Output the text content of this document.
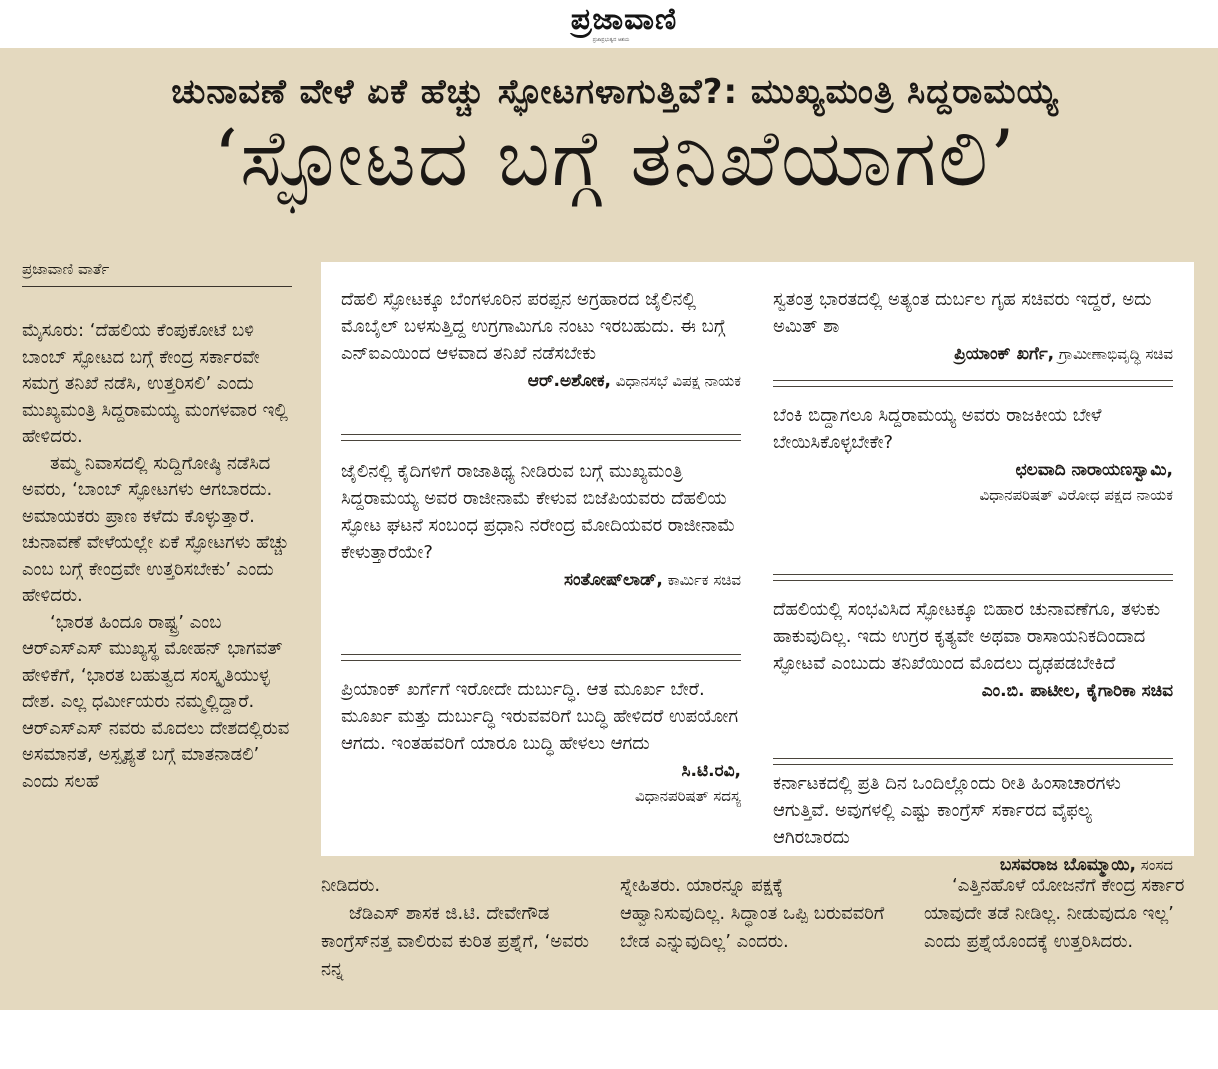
ಪ್ರಜಾವಾಣಿ
ಪ್ರಜಾಪ್ರಭುತ್ವದ ಆಶಯ
ಚುನಾವಣೆ ವೇಳೆ ಏಕೆ ಹೆಚ್ಚು ಸ್ಫೋಟಗಳಾಗುತ್ತಿವೆ?: ಮುಖ್ಯಮಂತ್ರಿ ಸಿದ್ದರಾಮಯ್ಯ
‘ಸ್ಫೋಟದ ಬಗ್ಗೆ ತನಿಖೆಯಾಗಲಿ’
ಪ್ರಜಾವಾಣಿ ವಾರ್ತೆ

ಮೈಸೂರು: ‘ದೆಹಲಿಯ ಕೆಂಪುಕೋಟೆ ಬಳಿ ಬಾಂಬ್ ಸ್ಫೋಟದ ಬಗ್ಗೆ ಕೇಂದ್ರ ಸರ್ಕಾರವೇ ಸಮಗ್ರ ತನಿಖೆ ನಡೆಸಿ, ಉತ್ತರಿಸಲಿ’ ಎಂದು ಮುಖ್ಯಮಂತ್ರಿ ಸಿದ್ದರಾಮಯ್ಯ ಮಂಗಳವಾರ ಇಲ್ಲಿ ಹೇಳಿದರು.

ತಮ್ಮ ನಿವಾಸದಲ್ಲಿ ಸುದ್ದಿಗೋಷ್ಠಿ ನಡೆಸಿದ ಅವರು, ‘ಬಾಂಬ್ ಸ್ಫೋಟಗಳು ಆಗಬಾರದು. ಅಮಾಯಕರು ಪ್ರಾಣ ಕಳೆದು ಕೊಳ್ಳುತ್ತಾರೆ. ಚುನಾವಣೆ ವೇಳೆಯಲ್ಲೇ ಏಕೆ ಸ್ಫೋಟಗಳು ಹೆಚ್ಚು ಎಂಬ ಬಗ್ಗೆ ಕೇಂದ್ರವೇ ಉತ್ತರಿಸಬೇಕು’ ಎಂದು ಹೇಳಿದರು.

‘ಭಾರತ ಹಿಂದೂ ರಾಷ್ಟ್ರ’ ಎಂಬ ಆರ್‌ಎಸ್‌ಎಸ್ ಮುಖ್ಯಸ್ಥ ಮೋಹನ್ ಭಾಗವತ್ ಹೇಳಿಕೆಗೆ, ‘ಭಾರತ ಬಹುತ್ವದ ಸಂಸ್ಕೃತಿಯುಳ್ಳ ದೇಶ. ಎಲ್ಲ ಧರ್ಮೀಯರು ನಮ್ಮಲ್ಲಿದ್ದಾರೆ. ಆರ್‌ಎಸ್‌ಎಸ್ ನವರು ಮೊದಲು ದೇಶದಲ್ಲಿರುವ ಅಸಮಾನತೆ, ಅಸ್ಪೃಶ್ಯತೆ ಬಗ್ಗೆ ಮಾತನಾಡಲಿ’ ಎಂದು ಸಲಹೆ

ದೆಹಲಿ ಸ್ಫೋಟಕ್ಕೂ ಬೆಂಗಳೂರಿನ ಪರಪ್ಪನ ಅಗ್ರಹಾರದ ಜೈಲಿನಲ್ಲಿ ಮೊಬೈಲ್ ಬಳಸುತ್ತಿದ್ದ ಉಗ್ರಗಾಮಿಗೂ ನಂಟು ಇರಬಹುದು. ಈ ಬಗ್ಗೆ ಎನ್‌ಐಎಯಿಂದ ಆಳವಾದ ತನಿಖೆ ನಡೆಸಬೇಕು

ಆರ್.ಅಶೋಕ, ವಿಧಾನಸಭೆ ವಿಪಕ್ಷ ನಾಯಕ

ಜೈಲಿನಲ್ಲಿ ಕೈದಿಗಳಿಗೆ ರಾಜಾತಿಥ್ಯ ನೀಡಿರುವ ಬಗ್ಗೆ ಮುಖ್ಯಮಂತ್ರಿ ಸಿದ್ದರಾಮಯ್ಯ ಅವರ ರಾಜೀನಾಮೆ ಕೇಳುವ ಬಿಜೆಪಿಯವರು ದೆಹಲಿಯ ಸ್ಫೋಟ ಘಟನೆ ಸಂಬಂಧ ಪ್ರಧಾನಿ ನರೇಂದ್ರ ಮೋದಿಯವರ ರಾಜೀನಾಮೆ ಕೇಳುತ್ತಾರೆಯೇ?

ಸಂತೋಷ್‌ಲಾಡ್, ಕಾರ್ಮಿಕ ಸಚಿವ

ಪ್ರಿಯಾಂಕ್ ಖರ್ಗೆಗೆ ಇರೋದೇ ದುರ್ಬುದ್ಧಿ. ಆತ ಮೂರ್ಖ ಬೇರೆ. ಮೂರ್ಖ ಮತ್ತು ದುರ್ಬುದ್ಧಿ ಇರುವವರಿಗೆ ಬುದ್ಧಿ ಹೇಳಿದರೆ ಉಪಯೋಗ ಆಗದು. ಇಂತಹವರಿಗೆ ಯಾರೂ ಬುದ್ಧಿ ಹೇಳಲು ಆಗದು

ಸಿ.ಟಿ.ರವಿ,
ವಿಧಾನಪರಿಷತ್ ಸದಸ್ಯ

ಸ್ವತಂತ್ರ ಭಾರತದಲ್ಲಿ ಅತ್ಯಂತ ದುರ್ಬಲ ಗೃಹ ಸಚಿವರು ಇದ್ದರೆ, ಅದು ಅಮಿತ್ ಶಾ

ಪ್ರಿಯಾಂಕ್ ಖರ್ಗೆ, ಗ್ರಾಮೀಣಾಭಿವೃದ್ಧಿ ಸಚಿವ

ಬೆಂಕಿ ಬಿದ್ದಾಗಲೂ ಸಿದ್ದರಾಮಯ್ಯ ಅವರು ರಾಜಕೀಯ ಬೇಳೆ ಬೇಯಿಸಿಕೊಳ್ಳಬೇಕೇ?

ಛಲವಾದಿ ನಾರಾಯಣಸ್ವಾಮಿ,
ವಿಧಾನಪರಿಷತ್ ವಿರೋಧ ಪಕ್ಷದ ನಾಯಕ

ದೆಹಲಿಯಲ್ಲಿ ಸಂಭವಿಸಿದ ಸ್ಫೋಟಕ್ಕೂ ಬಿಹಾರ ಚುನಾವಣೆಗೂ, ತಳುಕು ಹಾಕುವುದಿಲ್ಲ. ಇದು ಉಗ್ರರ ಕೃತ್ಯವೇ ಅಥವಾ ರಾಸಾಯನಿಕದಿಂದಾದ ಸ್ಫೋಟವೆ ಎಂಬುದು ತನಿಖೆಯಿಂದ ಮೊದಲು ದೃಢಪಡಬೇಕಿದೆ

ಎಂ.ಬಿ. ಪಾಟೀಲ, ಕೈಗಾರಿಕಾ ಸಚಿವ

ಕರ್ನಾಟಕದಲ್ಲಿ ಪ್ರತಿ ದಿನ ಒಂದಿಲ್ಲೊಂದು ರೀತಿ ಹಿಂಸಾಚಾರಗಳು ಆಗುತ್ತಿವೆ. ಅವುಗಳಲ್ಲಿ ಎಷ್ಟು ಕಾಂಗ್ರೆಸ್ ಸರ್ಕಾರದ ವೈಫಲ್ಯ ಆಗಿರಬಾರದು

ಬಸವರಾಜ ಬೊಮ್ಮಾಯಿ, ಸಂಸದ

ನೀಡಿದರು.

ಜೆಡಿಎಸ್ ಶಾಸಕ ಜಿ.ಟಿ. ದೇವೇಗೌಡ ಕಾಂಗ್ರೆಸ್‌ನತ್ತ ವಾಲಿರುವ ಕುರಿತ ಪ್ರಶ್ನೆಗೆ, ‘ಅವರು ನನ್ನ

ಸ್ನೇಹಿತರು. ಯಾರನ್ನೂ ಪಕ್ಷಕ್ಕೆ ಆಹ್ವಾನಿಸುವುದಿಲ್ಲ. ಸಿದ್ಧಾಂತ ಒಪ್ಪಿ ಬರುವವರಿಗೆ ಬೇಡ ಎನ್ನುವುದಿಲ್ಲ’ ಎಂದರು.

‘ಎತ್ತಿನಹೊಳೆ ಯೋಜನೆಗೆ ಕೇಂದ್ರ ಸರ್ಕಾರ ಯಾವುದೇ ತಡೆ ನೀಡಿಲ್ಲ. ನೀಡುವುದೂ ಇಲ್ಲ’ ಎಂದು ಪ್ರಶ್ನೆಯೊಂದಕ್ಕೆ ಉತ್ತರಿಸಿದರು.
